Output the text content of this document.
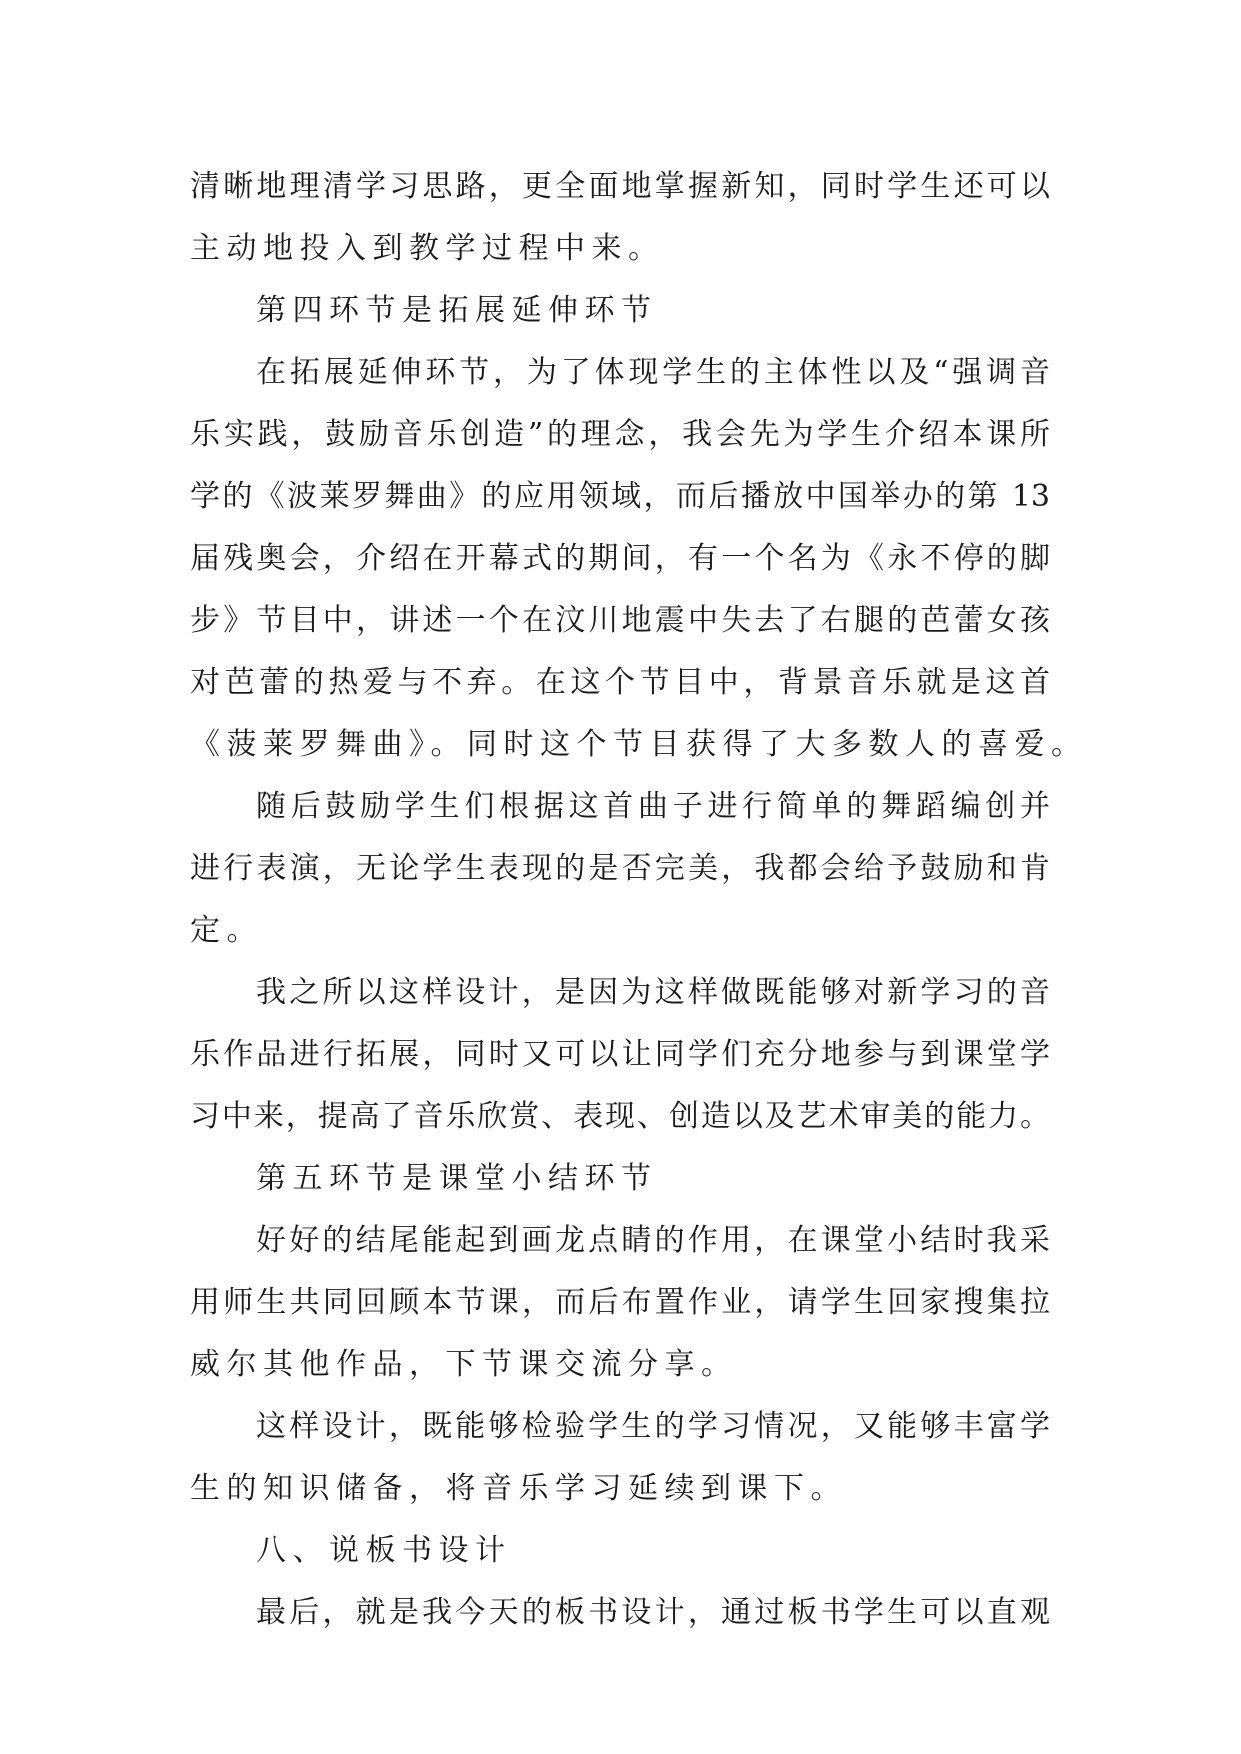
清晰地理清学习思路，更全面地掌握新知，同时学生还可以
主动地投入到教学过程中来。
第四环节是拓展延伸环节
在拓展延伸环节，为了体现学生的主体性以及“强调音
乐实践，鼓励音乐创造”的理念，我会先为学生介绍本课所
学的《波莱罗舞曲》的应用领域，而后播放中国举办的第 13
届残奥会，介绍在开幕式的期间，有一个名为《永不停的脚
步》节目中，讲述一个在汶川地震中失去了右腿的芭蕾女孩
对芭蕾的热爱与不弃。在这个节目中，背景音乐就是这首
《菠莱罗舞曲》。同时这个节目获得了大多数人的喜爱。
随后鼓励学生们根据这首曲子进行简单的舞蹈编创并
进行表演，无论学生表现的是否完美，我都会给予鼓励和肯
定。
我之所以这样设计，是因为这样做既能够对新学习的音
乐作品进行拓展，同时又可以让同学们充分地参与到课堂学
习中来，提高了音乐欣赏、表现、创造以及艺术审美的能力。
第五环节是课堂小结环节
好好的结尾能起到画龙点睛的作用，在课堂小结时我采
用师生共同回顾本节课，而后布置作业，请学生回家搜集拉
威尔其他作品，下节课交流分享。
这样设计，既能够检验学生的学习情况，又能够丰富学
生的知识储备，将音乐学习延续到课下。
八、说板书设计
最后，就是我今天的板书设计，通过板书学生可以直观
